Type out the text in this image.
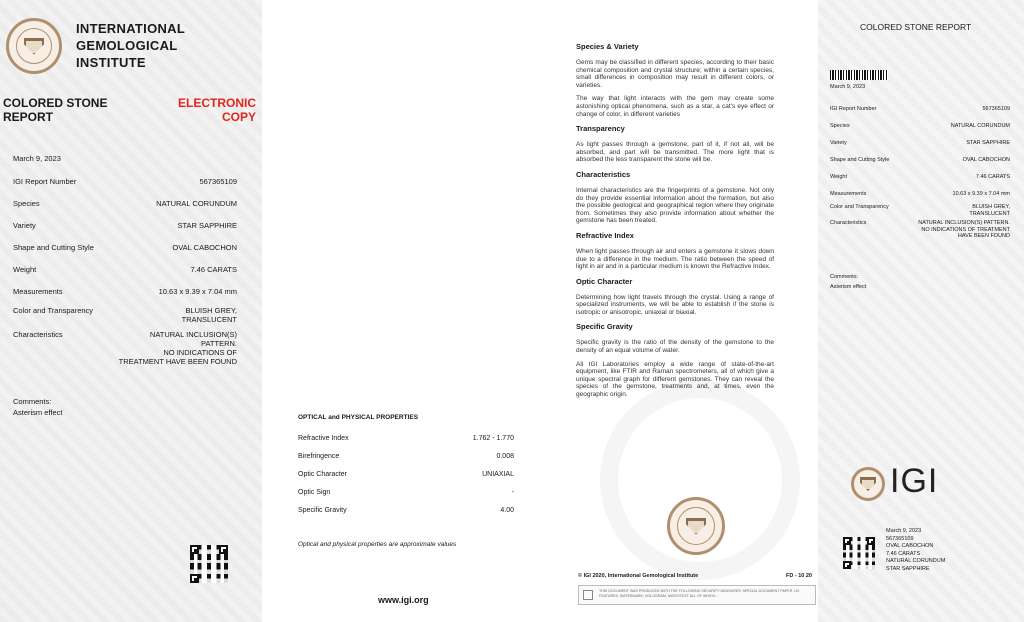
INTERNATIONAL
GEMOLOGICAL
INSTITUTE
COLORED STONE
REPORT
ELECTRONIC
COPY
March 9, 2023
IGI Report Number	567365109
Species	NATURAL CORUNDUM
Variety	STAR SAPPHIRE
Shape and Cutting Style	OVAL CABOCHON
Weight	7.46 CARATS
Measurements	10.63 x 9.39 x 7.04 mm
Color and Transparency	BLUISH GREY,
TRANSLUCENT
Characteristics	NATURAL INCLUSION(S)
PATTERN.
NO INDICATIONS OF
TREATMENT HAVE BEEN FOUND
Comments:
Asterism effect
OPTICAL and PHYSICAL PROPERTIES
Refractive Index	1.762 - 1.770
Birefringence	0.008
Optic Character	UNIAXIAL
Optic Sign	-
Specific Gravity	4.00
Optical and physical properties are approximate values
www.igi.org
Species & Variety
Gems may be classified in different species, according to their basic chemical composition and crystal structure; within a certain species, small differences in composition may result in different colors, or varieties.
The way that light interacts with the gem may create some astonishing optical phenomena, such as a star, a cat's eye effect or change of color, in different varieties
Transparency
As light passes through a gemstone, part of it, if not all, will be absorbed, and part will be transmitted. The more light that is absorbed the less transparent the stone will be.
Characteristics
Internal characteristics are the fingerprints of a gemstone. Not only do they provide essential information about the formation, but also the possible geological and geographical region where they originate from. Sometimes they also provide information about whether the gemstone has been treated.
Refractive Index
When light passes through air and enters a gemstone it slows down due to a difference in the medium. The ratio between the speed of light in air and in a particular medium is known the Refractive Index.
Optic Character
Determining how light travels through the crystal. Using a range of specialized instruments, we will be able to establish if the stone is isotropic or anisotropic, uniaxial or biaxial.
Specific Gravity
Specific gravity is the ratio of the density of the gemstone to the density of an equal volume of water.
All IGI Laboratories employ a wide range of state-of-the-art equipment, like FTIR and Raman spectrometers, all of which give a unique spectral graph for different gemstones. They can reveal the species of the gemstone, treatments and, at times, even the geographic origin.
© IGI 2020, International Gemological Institute	FD - 10 20
THIS DOCUMENT WAS PRODUCED WITH THE FOLLOWING SECURITY MEASURES: SPECIAL DOCUMENT PAPER, UV FEATURES, WATERMARK, HOLOGRAM, MICROTEXT ALL OF WHICH...
COLORED STONE REPORT
March 9, 2023
IGI Report Number	567365109
Species	NATURAL CORUNDUM
Variety	STAR SAPPHIRE
Shape and Cutting Style	OVAL CABOCHON
Weight	7.46 CARATS
Measurements	10.63 x 9.39 x 7.04 mm
Color and Transparency	BLUISH GREY,
TRANSLUCENT
Characteristics	NATURAL INCLUSION(S) PATTERN.
NO INDICATIONS OF TREATMENT
HAVE BEEN FOUND
Comments:
Asterism effect
IGI
March 9, 2023
567365109
OVAL CABOCHON
7.46 CARATS
NATURAL CORUNDUM
STAR SAPPHIRE
